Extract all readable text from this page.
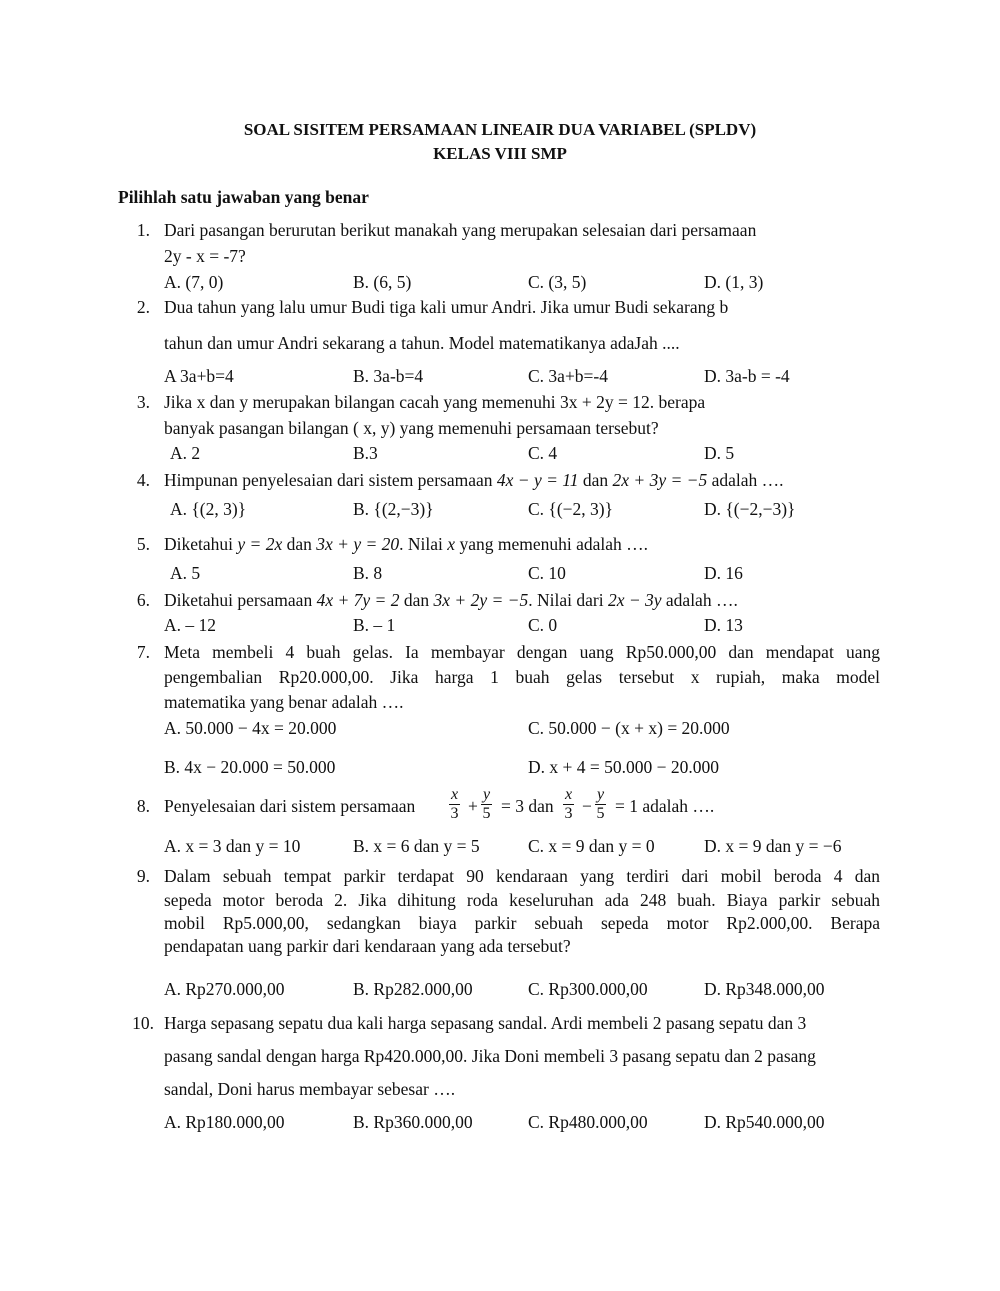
SOAL SISITEM PERSAMAAN LINEAIR DUA VARIABEL (SPLDV)
KELAS VIII SMP
Pilihlah satu jawaban yang benar
1. Dari pasangan berurutan berikut manakah yang merupakan selesaian dari persamaan
2y - x = -7?
A. (7, 0)	B. (6, 5)	C. (3, 5)	D. (1, 3)
2. Dua tahun yang lalu umur Budi tiga kali umur Andri. Jika umur Budi sekarang b
tahun dan umur Andri sekarang a tahun. Model matematikanya adaJah ....
A 3a+b=4	B. 3a-b=4	C. 3a+b=-4	D. 3a-b = -4
3. Jika x dan y merupakan bilangan cacah yang memenuhi 3x + 2y = 12. berapa
banyak pasangan bilangan ( x, y) yang memenuhi persamaan tersebut?
A. 2	B.3	C. 4	D. 5
4. Himpunan penyelesaian dari sistem persamaan 4x − y = 11 dan 2x + 3y = −5 adalah ….
A. {(2, 3)}	B. {(2,−3)}	C. {(−2, 3)}	D. {(−2,−3)}
5. Diketahui y = 2x dan 3x + y = 20. Nilai x yang memenuhi adalah ….
A. 5	B. 8	C. 10	D. 16
6. Diketahui persamaan 4x + 7y = 2 dan 3x + 2y = −5. Nilai dari 2x − 3y adalah ….
A. – 12	B. – 1	C. 0	D. 13
7. Meta membeli 4 buah gelas. Ia membayar dengan uang Rp50.000,00 dan mendapat uang
pengembalian Rp20.000,00. Jika harga 1 buah gelas tersebut x rupiah, maka model
matematika yang benar adalah ….
A. 50.000 − 4x = 20.000	C. 50.000 − (x + x) = 20.000
B. 4x − 20.000 = 50.000	D. x + 4 = 50.000 − 20.000
8. Penyelesaian dari sistem persamaan $\frac{x}{3} + \frac{y}{5} = 3$ dan $\frac{x}{3} - \frac{y}{5} = 1$ adalah ….
A. x = 3 dan y = 10	B. x = 6 dan y = 5	C. x = 9 dan y = 0	D. x = 9 dan y = −6
9. Dalam sebuah tempat parkir terdapat 90 kendaraan yang terdiri dari mobil beroda 4 dan
sepeda motor beroda 2. Jika dihitung roda keseluruhan ada 248 buah. Biaya parkir sebuah
mobil Rp5.000,00, sedangkan biaya parkir sebuah sepeda motor Rp2.000,00. Berapa
pendapatan uang parkir dari kendaraan yang ada tersebut?
A. Rp270.000,00	B. Rp282.000,00	C. Rp300.000,00	D. Rp348.000,00
10. Harga sepasang sepatu dua kali harga sepasang sandal. Ardi membeli 2 pasang sepatu dan 3
pasang sandal dengan harga Rp420.000,00. Jika Doni membeli 3 pasang sepatu dan 2 pasang
sandal, Doni harus membayar sebesar ….
A. Rp180.000,00	B. Rp360.000,00	C. Rp480.000,00	D. Rp540.000,00
